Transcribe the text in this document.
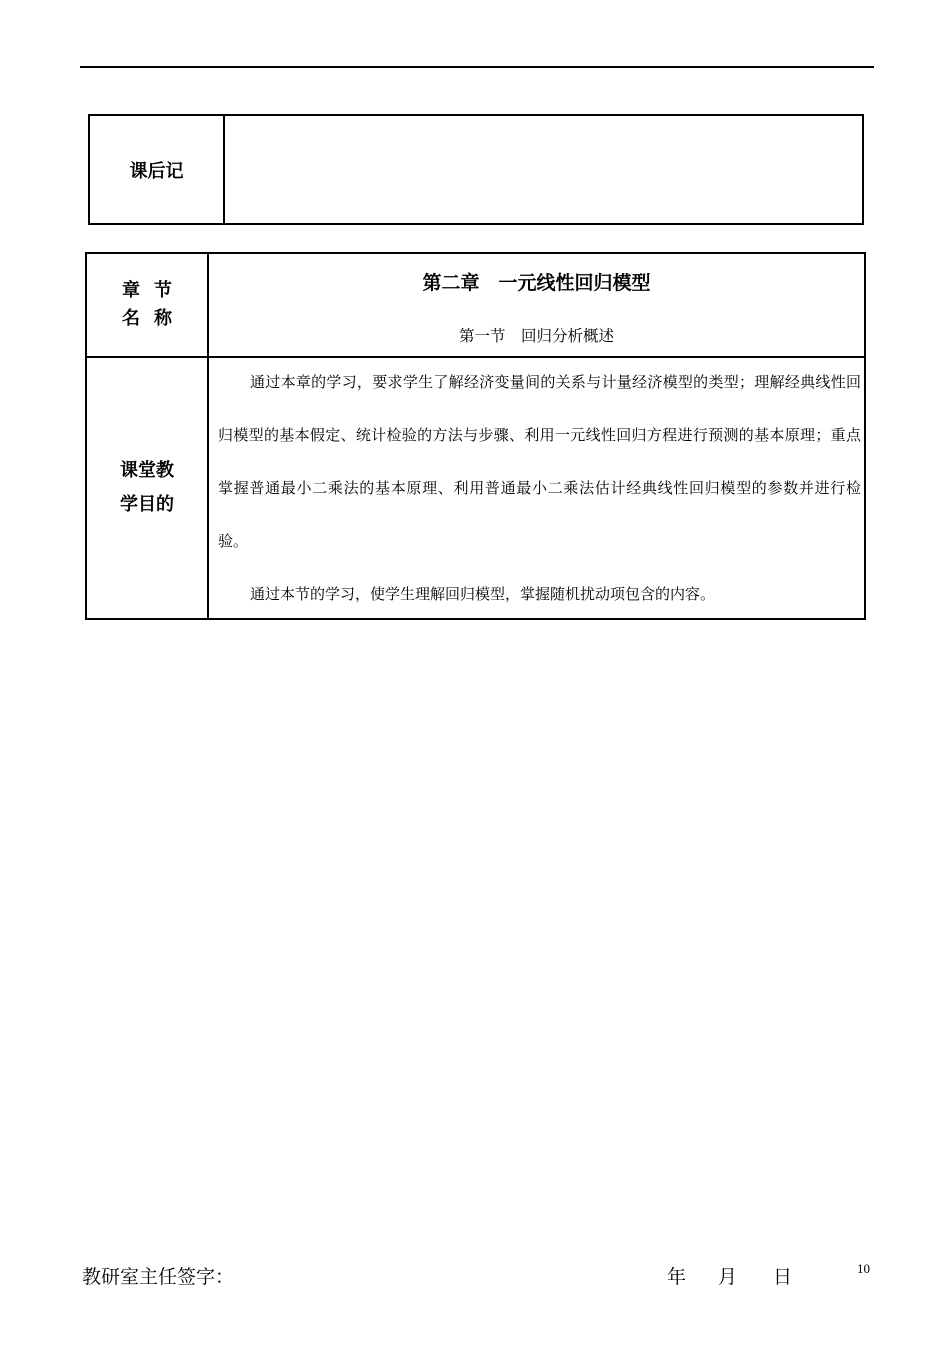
课后记
章节
名称
第二章　一元线性回归模型
第一节　回归分析概述
课堂教
学目的

通过本章的学习，要求学生了解经济变量间的关系与计量经济模型的类型；理解经典线性回归模型的基本假定、统计检验的方法与步骤、利用一元线性回归方程进行预测的基本原理；重点掌握普通最小二乘法的基本原理、利用普通最小二乘法估计经典线性回归模型的参数并进行检验。

通过本节的学习，使学生理解回归模型，掌握随机扰动项包含的内容。

教研室主任签字：	年 月 日	10
